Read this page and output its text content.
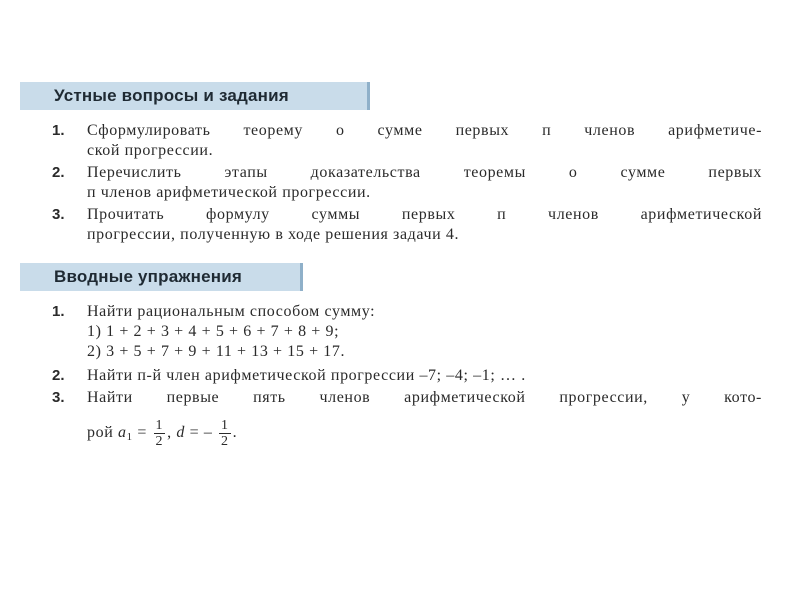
Устные вопросы и задания
1. Сформулировать теорему о сумме первых п членов арифметиче-
ской прогрессии.
2. Перечислить этапы доказательства теоремы о сумме первых
п членов арифметической прогрессии.
3. Прочитать формулу суммы первых п членов арифметической
прогрессии, полученную в ходе решения задачи 4.
Вводные упражнения
1. Найти рациональным способом сумму:
1) 1 + 2 + 3 + 4 + 5 + 6 + 7 + 8 + 9;
2) 3 + 5 + 7 + 9 + 11 + 13 + 15 + 17.
2. Найти п-й член арифметической прогрессии –7; –4; –1; … .
3. Найти первые пять членов арифметической прогрессии, у кото-
рой $a_1 = \frac{1}{2}$ , d = – $\frac{1}{2}$ .
